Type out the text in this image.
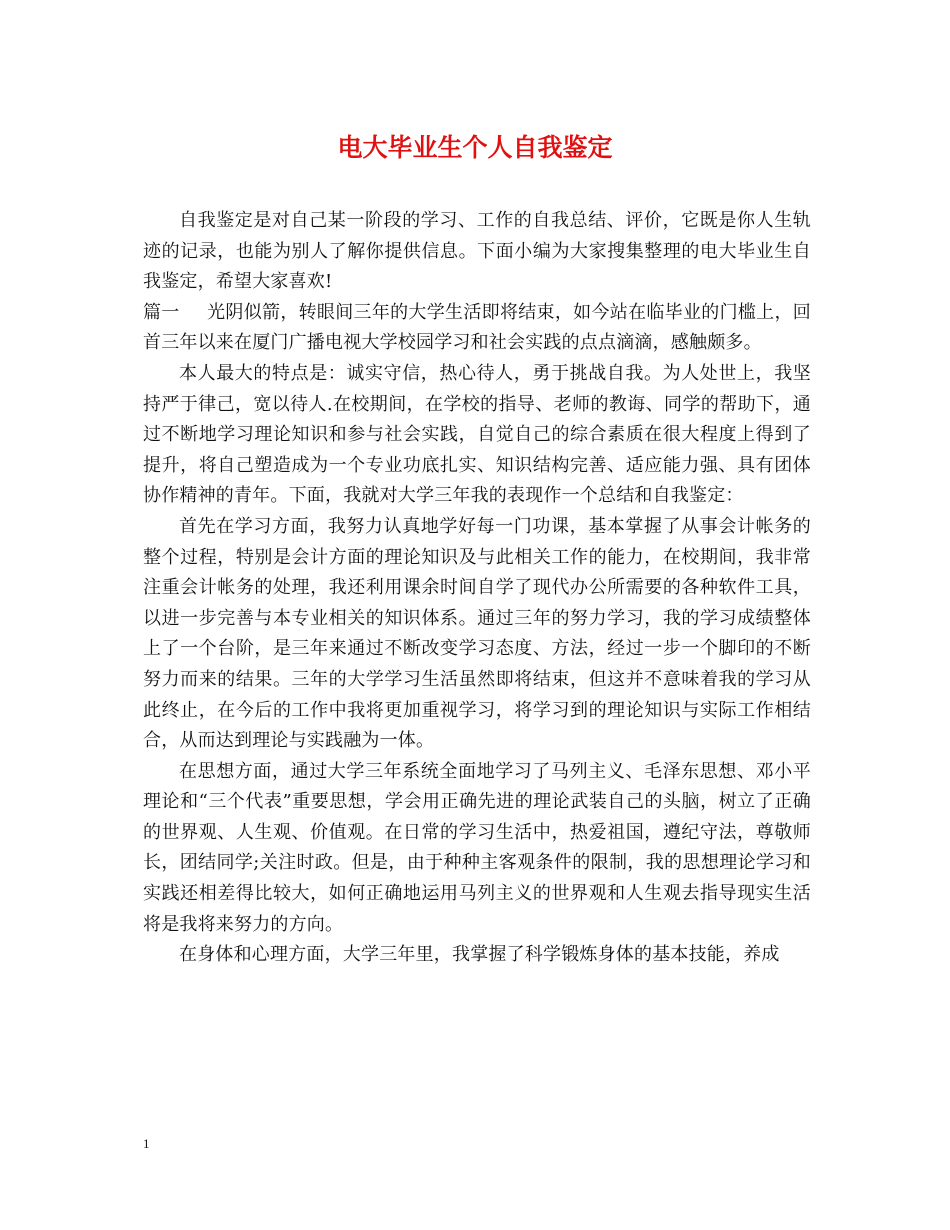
电大毕业生个人自我鉴定

自我鉴定是对自己某一阶段的学习、工作的自我总结、评价，它既是你人生轨迹的记录，也能为别人了解你提供信息。下面小编为大家搜集整理的电大毕业生自我鉴定，希望大家喜欢!

篇一 光阴似箭，转眼间三年的大学生活即将结束，如今站在临毕业的门槛上，回首三年以来在厦门广播电视大学校园学习和社会实践的点点滴滴，感触颇多。

本人最大的特点是：诚实守信，热心待人，勇于挑战自我。为人处世上，我坚持严于律己，宽以待人.在校期间，在学校的指导、老师的教诲、同学的帮助下，通过不断地学习理论知识和参与社会实践，自觉自己的综合素质在很大程度上得到了提升，将自己塑造成为一个专业功底扎实、知识结构完善、适应能力强、具有团体协作精神的青年。下面，我就对大学三年我的表现作一个总结和自我鉴定：

首先在学习方面，我努力认真地学好每一门功课，基本掌握了从事会计帐务的整个过程，特别是会计方面的理论知识及与此相关工作的能力，在校期间，我非常注重会计帐务的处理，我还利用课余时间自学了现代办公所需要的各种软件工具，以进一步完善与本专业相关的知识体系。通过三年的努力学习，我的学习成绩整体上了一个台阶，是三年来通过不断改变学习态度、方法，经过一步一个脚印的不断努力而来的结果。三年的大学学习生活虽然即将结束，但这并不意味着我的学习从此终止，在今后的工作中我将更加重视学习，将学习到的理论知识与实际工作相结合，从而达到理论与实践融为一体。

在思想方面，通过大学三年系统全面地学习了马列主义、毛泽东思想、邓小平理论和“三个代表”重要思想，学会用正确先进的理论武装自己的头脑，树立了正确的世界观、人生观、价值观。在日常的学习生活中，热爱祖国，遵纪守法，尊敬师长，团结同学;关注时政。但是，由于种种主客观条件的限制，我的思想理论学习和实践还相差得比较大，如何正确地运用马列主义的世界观和人生观去指导现实生活将是我将来努力的方向。

在身体和心理方面，大学三年里，我掌握了科学锻炼身体的基本技能，养成

1
